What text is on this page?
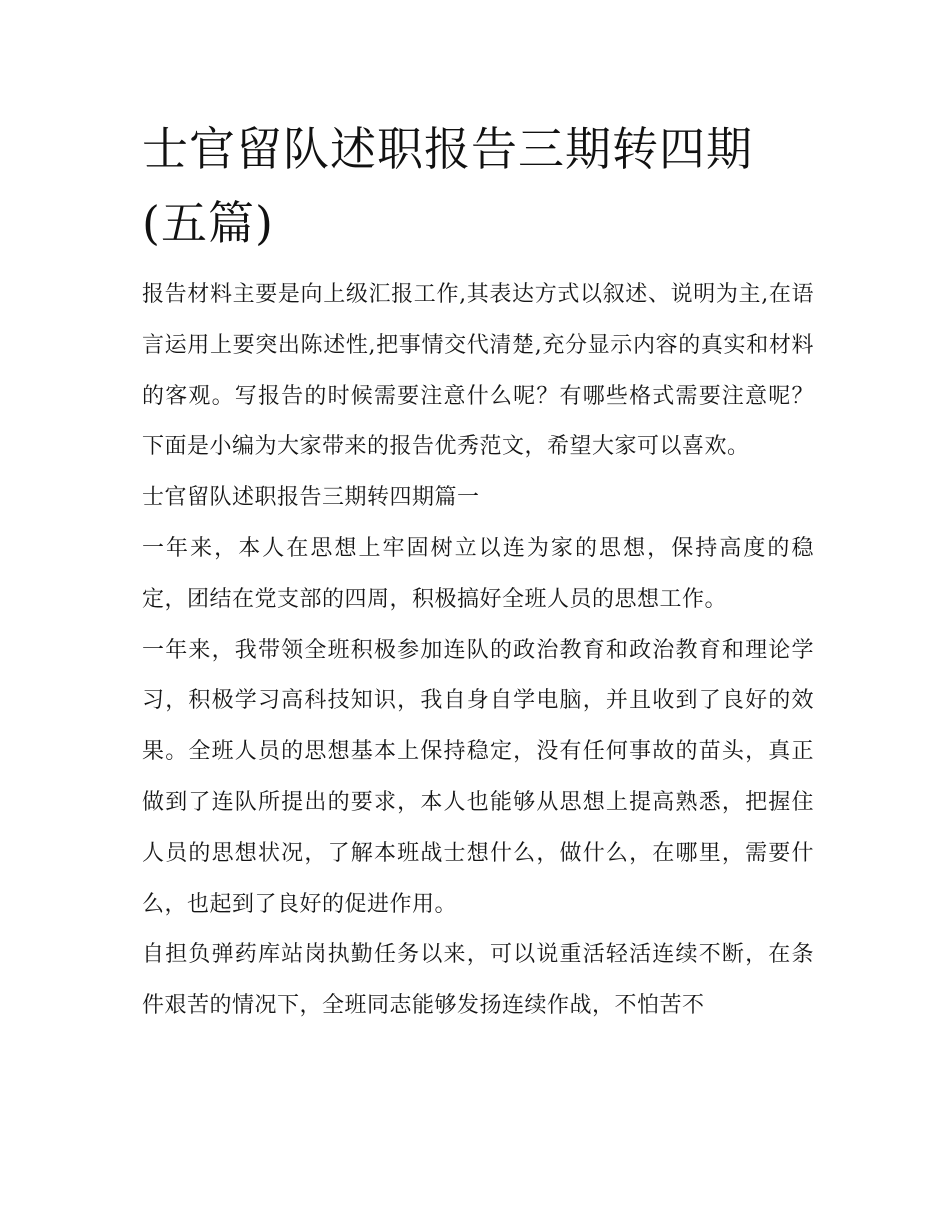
士官留队述职报告三期转四期
(五篇)

报告材料主要是向上级汇报工作,其表达方式以叙述、说明为主,在语言运用上要突出陈述性,把事情交代清楚,充分显示内容的真实和材料的客观。写报告的时候需要注意什么呢？有哪些格式需要注意呢？下面是小编为大家带来的报告优秀范文，希望大家可以喜欢。

士官留队述职报告三期转四期篇一

一年来，本人在思想上牢固树立以连为家的思想，保持高度的稳定，团结在党支部的四周，积极搞好全班人员的思想工作。

一年来，我带领全班积极参加连队的政治教育和政治教育和理论学习，积极学习高科技知识，我自身自学电脑，并且收到了良好的效果。全班人员的思想基本上保持稳定，没有任何事故的苗头，真正做到了连队所提出的要求，本人也能够从思想上提高熟悉，把握住人员的思想状况，了解本班战士想什么，做什么，在哪里，需要什么，也起到了良好的促进作用。

自担负弹药库站岗执勤任务以来，可以说重活轻活连续不断，在条件艰苦的情况下，全班同志能够发扬连续作战，不怕苦不
